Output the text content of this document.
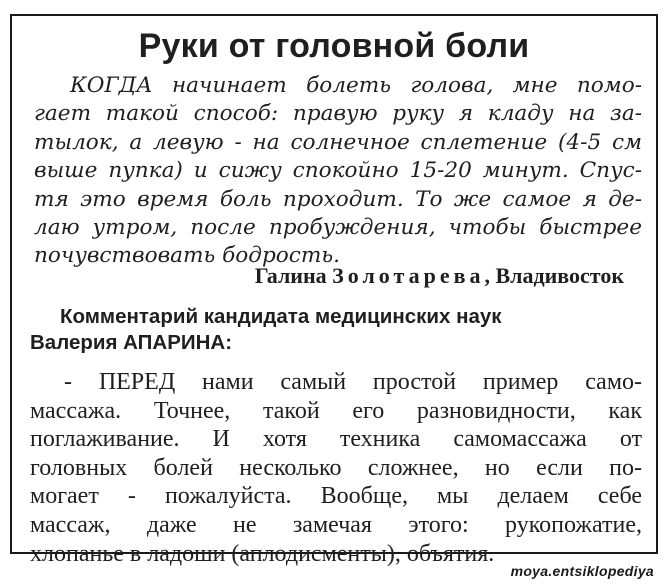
Руки от головной боли
КОГДА начинает болеть голова, мне помо-
гает такой способ: правую руку я кладу на за-
тылок, а левую - на солнечное сплетение (4-5 см
выше пупка) и сижу спокойно 15-20 минут. Спус-
тя это время боль проходит. То же самое я де-
лаю утром, после пробуждения, чтобы быстрее
почувствовать бодрость.
Галина Золотарева, Владивосток
Комментарий кандидата медицинских наук
Валерия АПАРИНА:
- ПЕРЕД нами самый простой пример само-
массажа. Точнее, такой его разновидности, как
поглаживание. И хотя техника самомассажа от
головных болей несколько сложнее, но если по-
могает - пожалуйста. Вообще, мы делаем себе
массаж, даже не замечая этого: рукопожатие,
хлопанье в ладоши (аплодисменты), объятия.
moya.entsiklopediya
